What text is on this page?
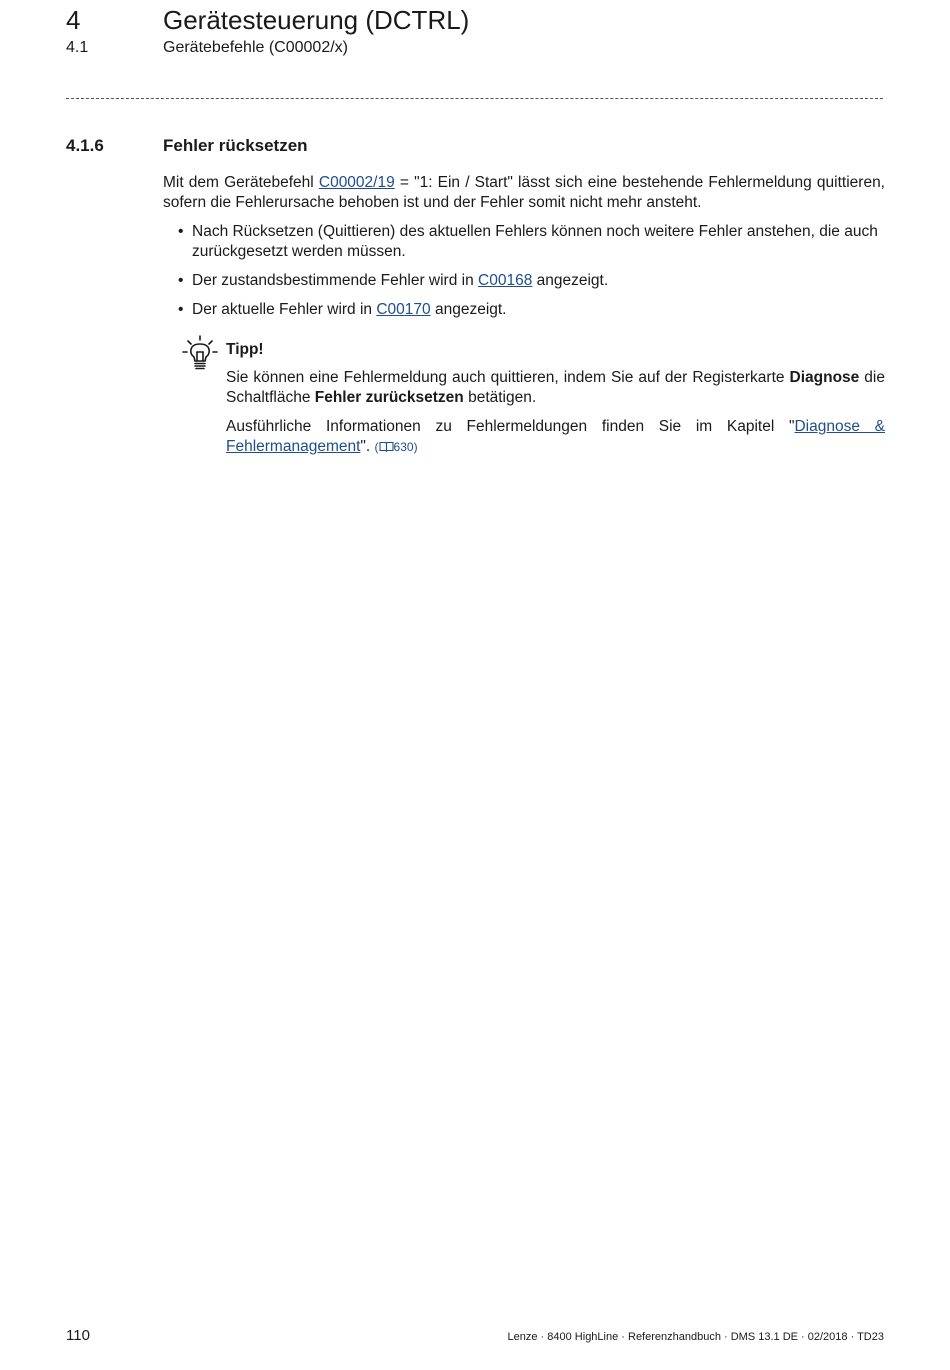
4	Gerätesteuerung (DCTRL)
4.1	Gerätebefehle (C00002/x)
4.1.6	Fehler rücksetzen

Mit dem Gerätebefehl C00002/19 = "1: Ein / Start" lässt sich eine bestehende Fehlermeldung quittieren, sofern die Fehlerursache behoben ist und der Fehler somit nicht mehr ansteht.

• Nach Rücksetzen (Quittieren) des aktuellen Fehlers können noch weitere Fehler anstehen, die auch zurückgesetzt werden müssen.
• Der zustandsbestimmende Fehler wird in C00168 angezeigt.
• Der aktuelle Fehler wird in C00170 angezeigt.
Tipp!

Sie können eine Fehlermeldung auch quittieren, indem Sie auf der Registerkarte Diagnose die Schaltfläche Fehler zurücksetzen betätigen.

Ausführliche Informationen zu Fehlermeldungen finden Sie im Kapitel "Diagnose & Fehlermanagement". ( 630)

110	Lenze · 8400 HighLine · Referenzhandbuch · DMS 13.1 DE · 02/2018 · TD23
